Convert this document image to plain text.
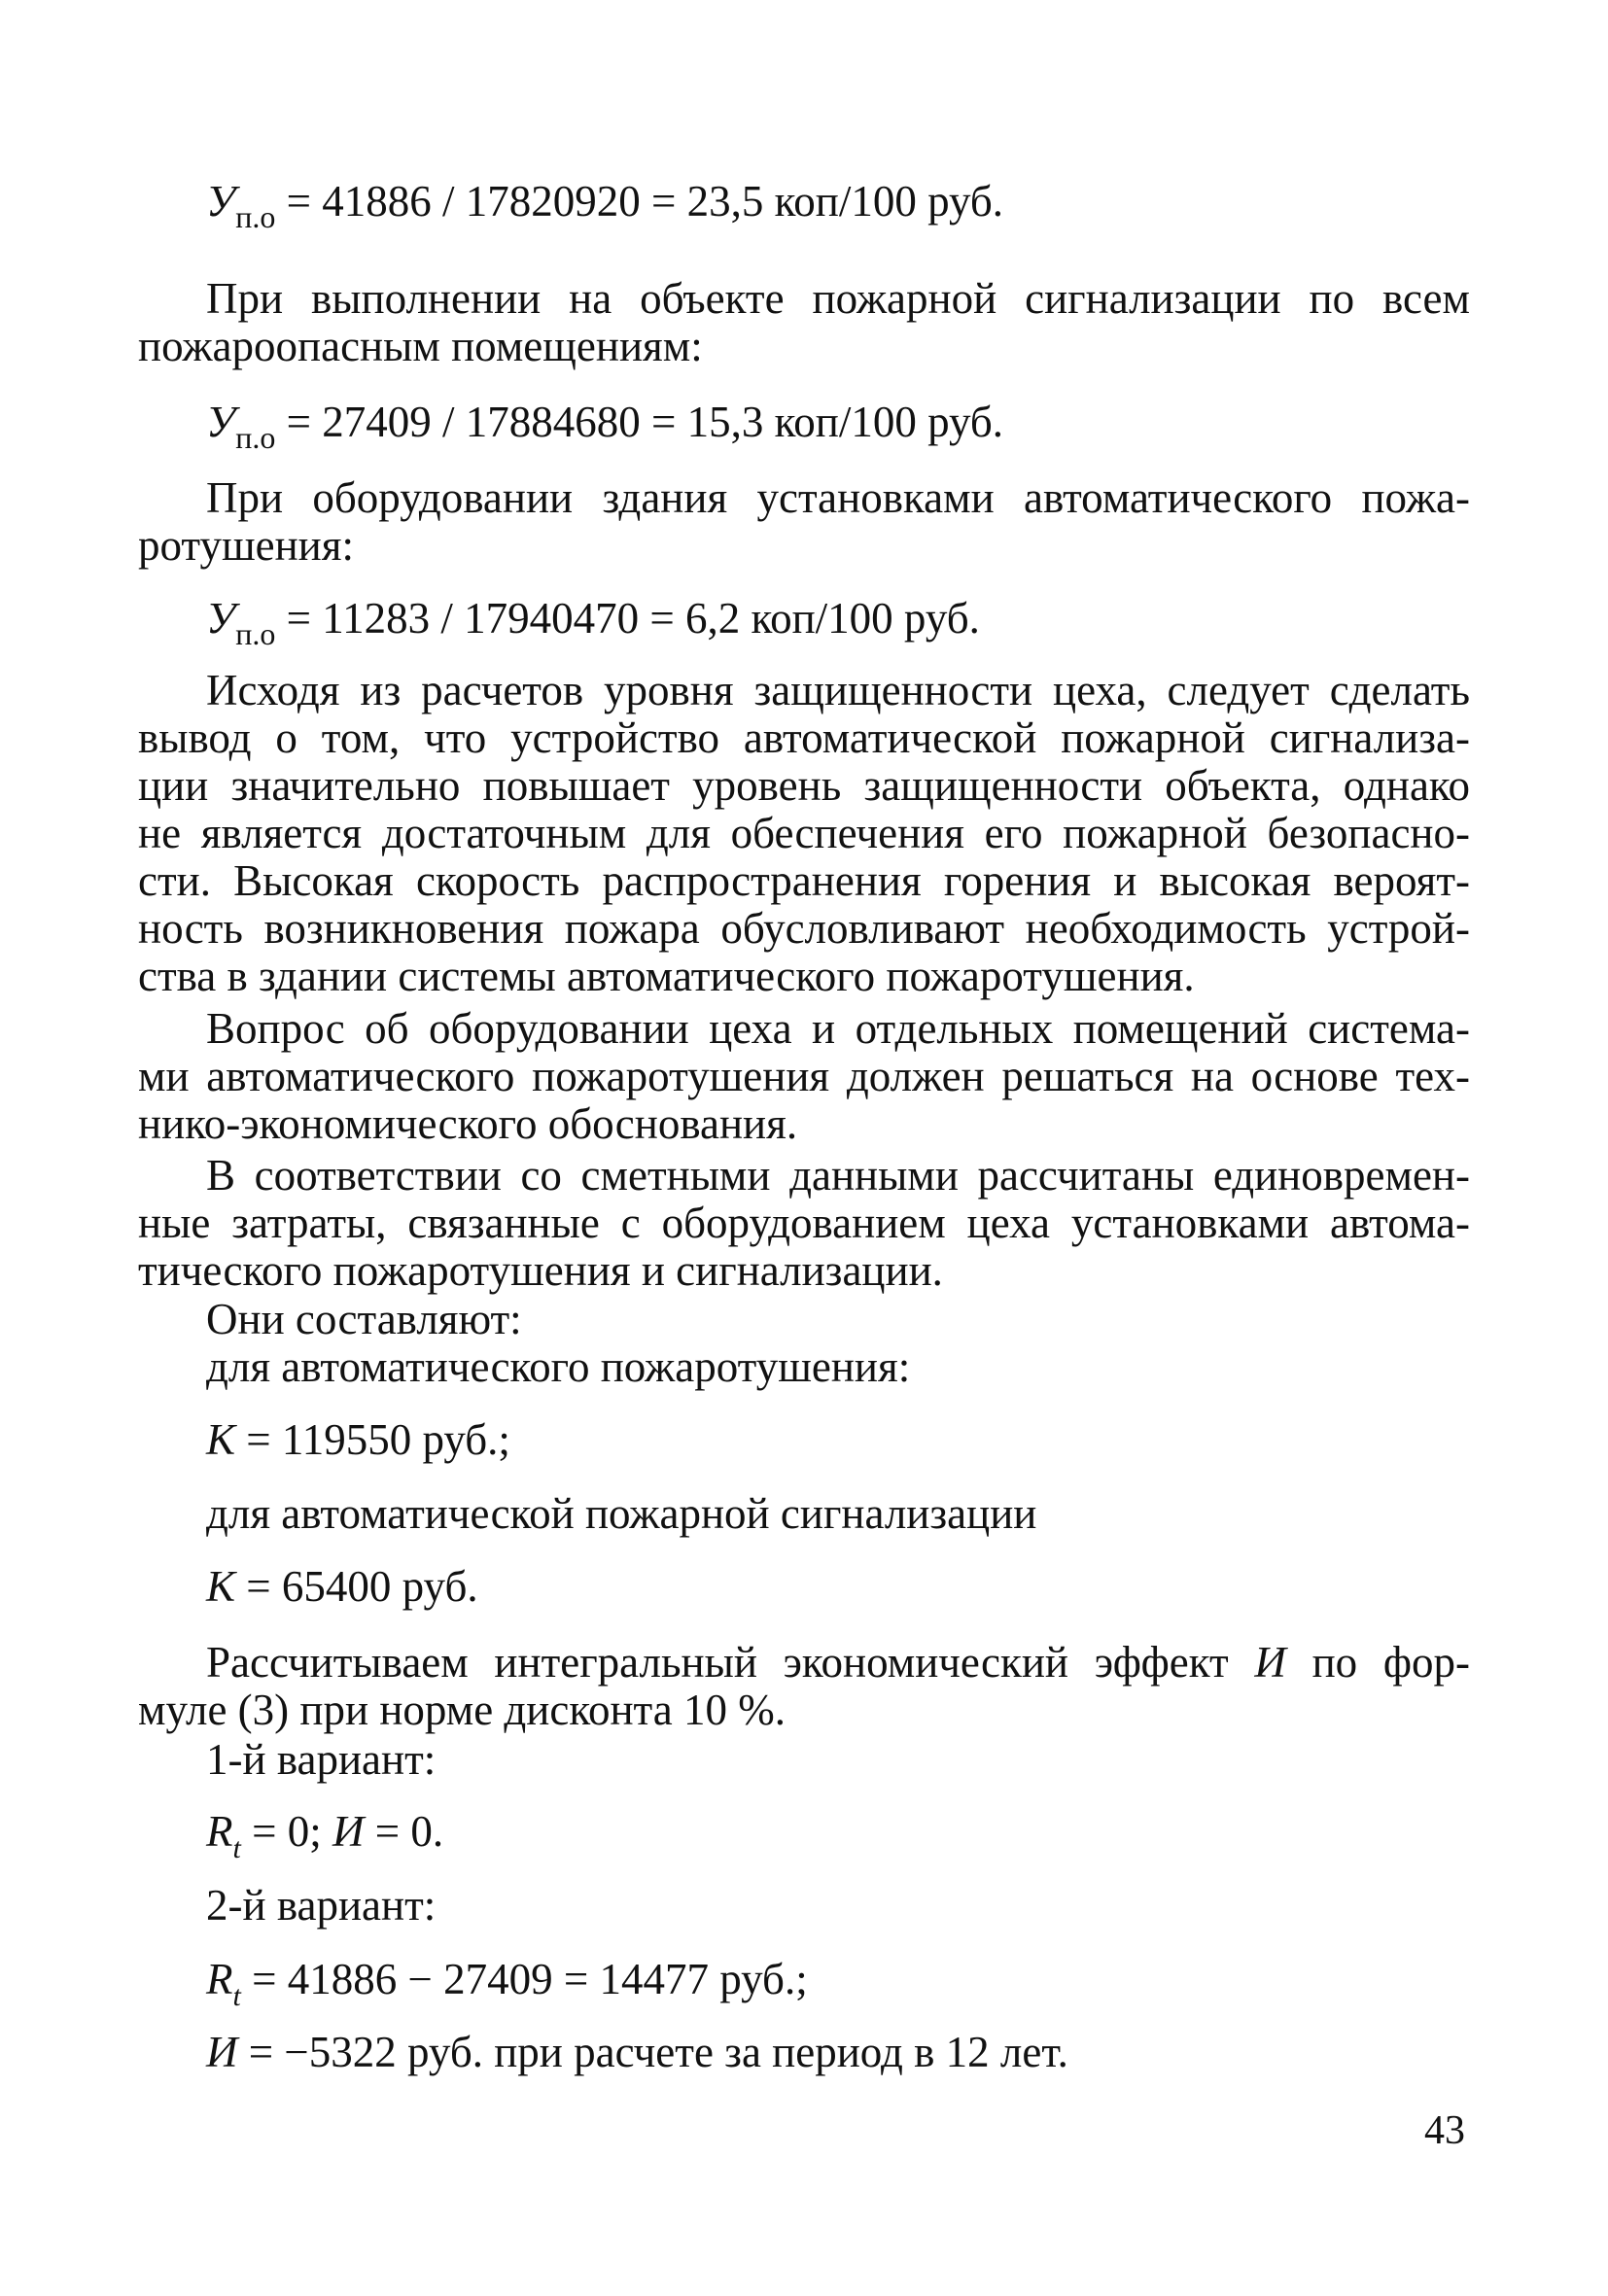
$У_{п.о} = 41886 / 17820920 = 23,5$ коп/100 руб.
При выполнении на объекте пожарной сигнализации по всем
пожароопасным помещениям:
$У_{п.о} = 27409 / 17884680 = 15,3$ коп/100 руб.
При оборудовании здания установками автоматического пожа-
ротушения:
$У_{п.о} = 11283 / 17940470 = 6,2$ коп/100 руб.
Исходя из расчетов уровня защищенности цеха, следует сделать
вывод о том, что устройство автоматической пожарной сигнализа-
ции значительно повышает уровень защищенности объекта, однако
не является достаточным для обеспечения его пожарной безопасно-
сти. Высокая скорость распространения горения и высокая вероят-
ность возникновения пожара обусловливают необходимость устрой-
ства в здании системы автоматического пожаротушения.
Вопрос об оборудовании цеха и отдельных помещений система-
ми автоматического пожаротушения должен решаться на основе тех-
нико-экономического обоснования.
В соответствии со сметными данными рассчитаны единовремен-
ные затраты, связанные с оборудованием цеха установками автома-
тического пожаротушения и сигнализации.
Они составляют:
для автоматического пожаротушения:
K = 119550 руб.;
для автоматической пожарной сигнализации
K = 65400 руб.
Рассчитываем интегральный экономический эффект И по фор-
муле (3) при норме дисконта 10 %.
1-й вариант:
$R_t = 0$; И = 0.
2-й вариант:
$R_t = 41886 - 27409 = 14477$ руб.;
И = −5322 руб. при расчете за период в 12 лет.
43
